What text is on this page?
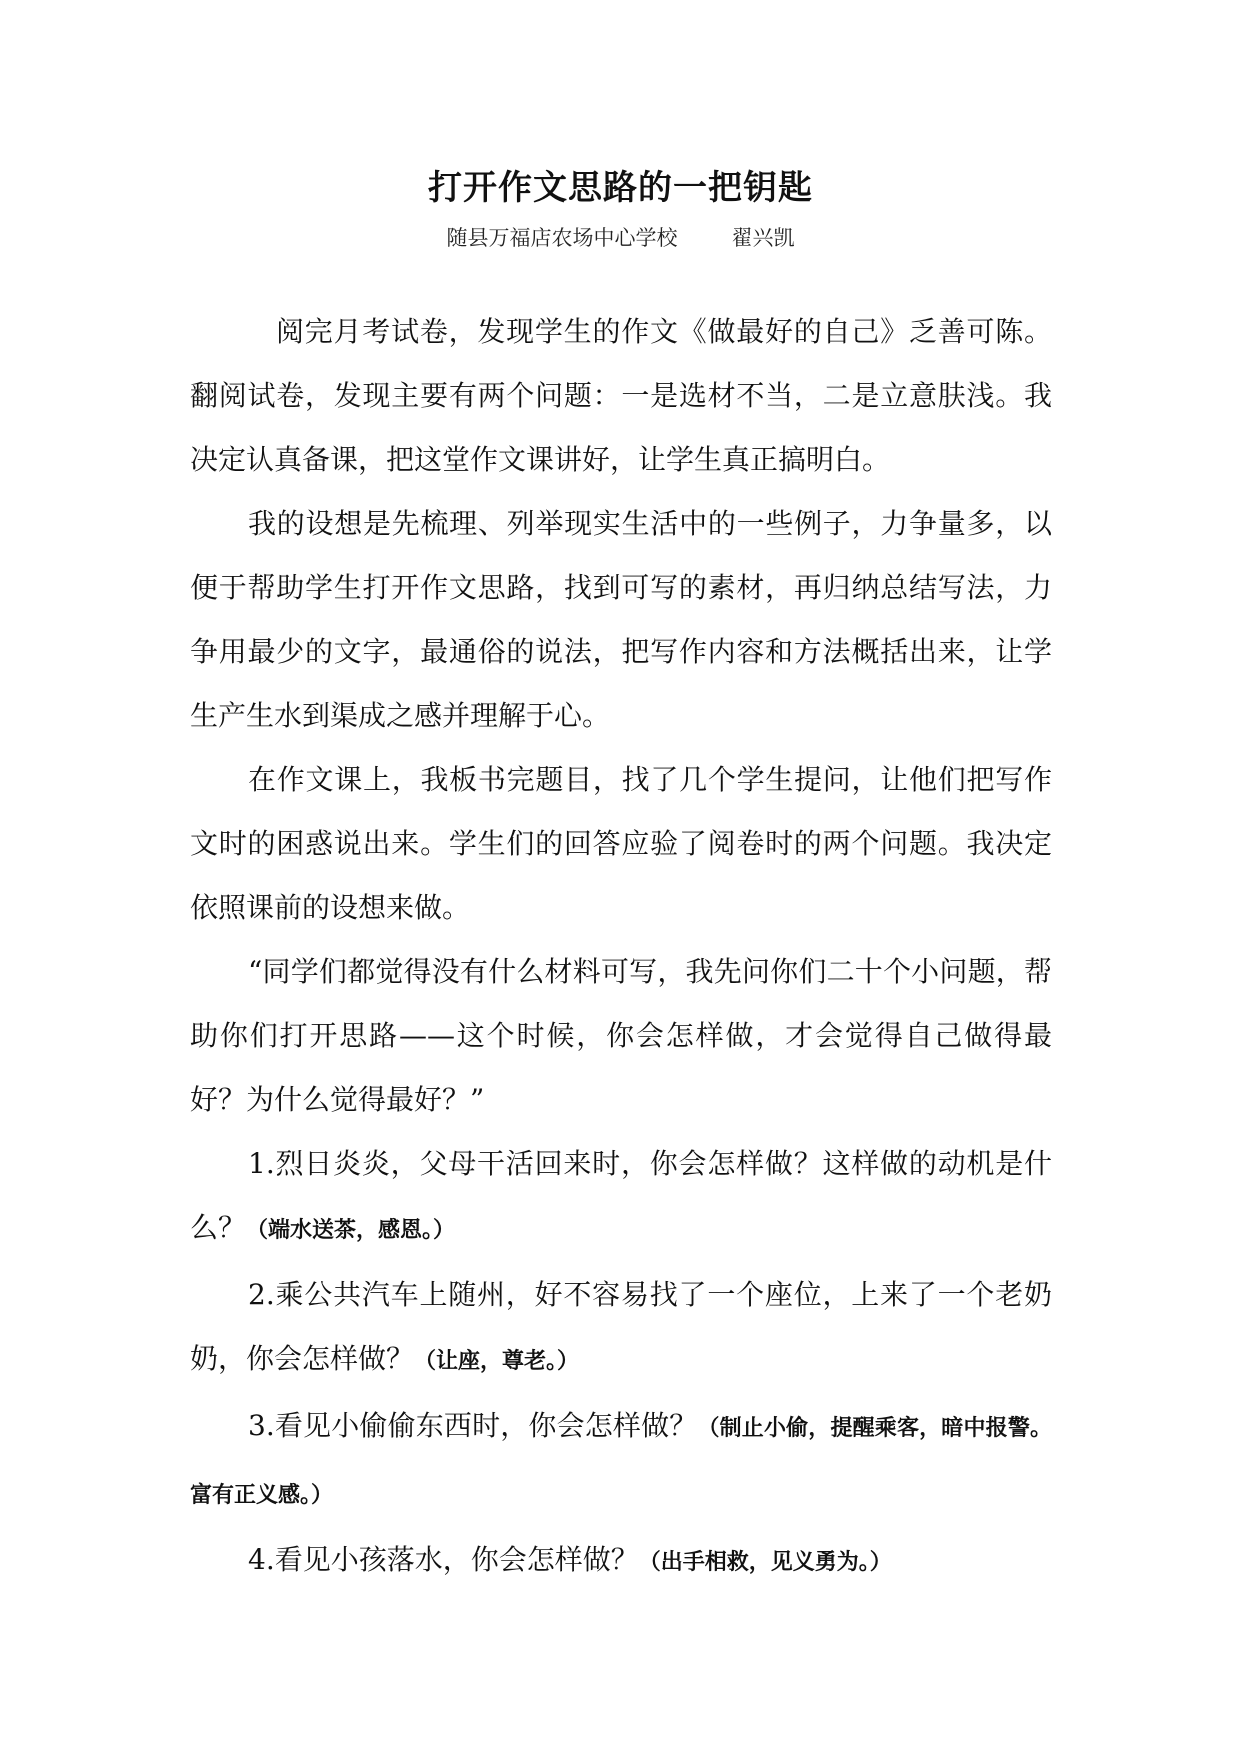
打开作文思路的一把钥匙
随县万福店农场中心学校	翟兴凯

阅完月考试卷，发现学生的作文《做最好的自己》乏善可陈。翻阅试卷，发现主要有两个问题：一是选材不当，二是立意肤浅。我决定认真备课，把这堂作文课讲好，让学生真正搞明白。

我的设想是先梳理、列举现实生活中的一些例子，力争量多，以便于帮助学生打开作文思路，找到可写的素材，再归纳总结写法，力争用最少的文字，最通俗的说法，把写作内容和方法概括出来，让学生产生水到渠成之感并理解于心。

在作文课上，我板书完题目，找了几个学生提问，让他们把写作文时的困惑说出来。学生们的回答应验了阅卷时的两个问题。我决定依照课前的设想来做。

“同学们都觉得没有什么材料可写，我先问你们二十个小问题，帮助你们打开思路——这个时候，你会怎样做，才会觉得自己做得最好？为什么觉得最好？”

1.烈日炎炎，父母干活回来时，你会怎样做？这样做的动机是什么？（端水送茶，感恩。）

2.乘公共汽车上随州，好不容易找了一个座位，上来了一个老奶奶，你会怎样做？（让座，尊老。）

3.看见小偷偷东西时，你会怎样做？（制止小偷，提醒乘客，暗中报警。富有正义感。）

4.看见小孩落水，你会怎样做？（出手相救，见义勇为。）
